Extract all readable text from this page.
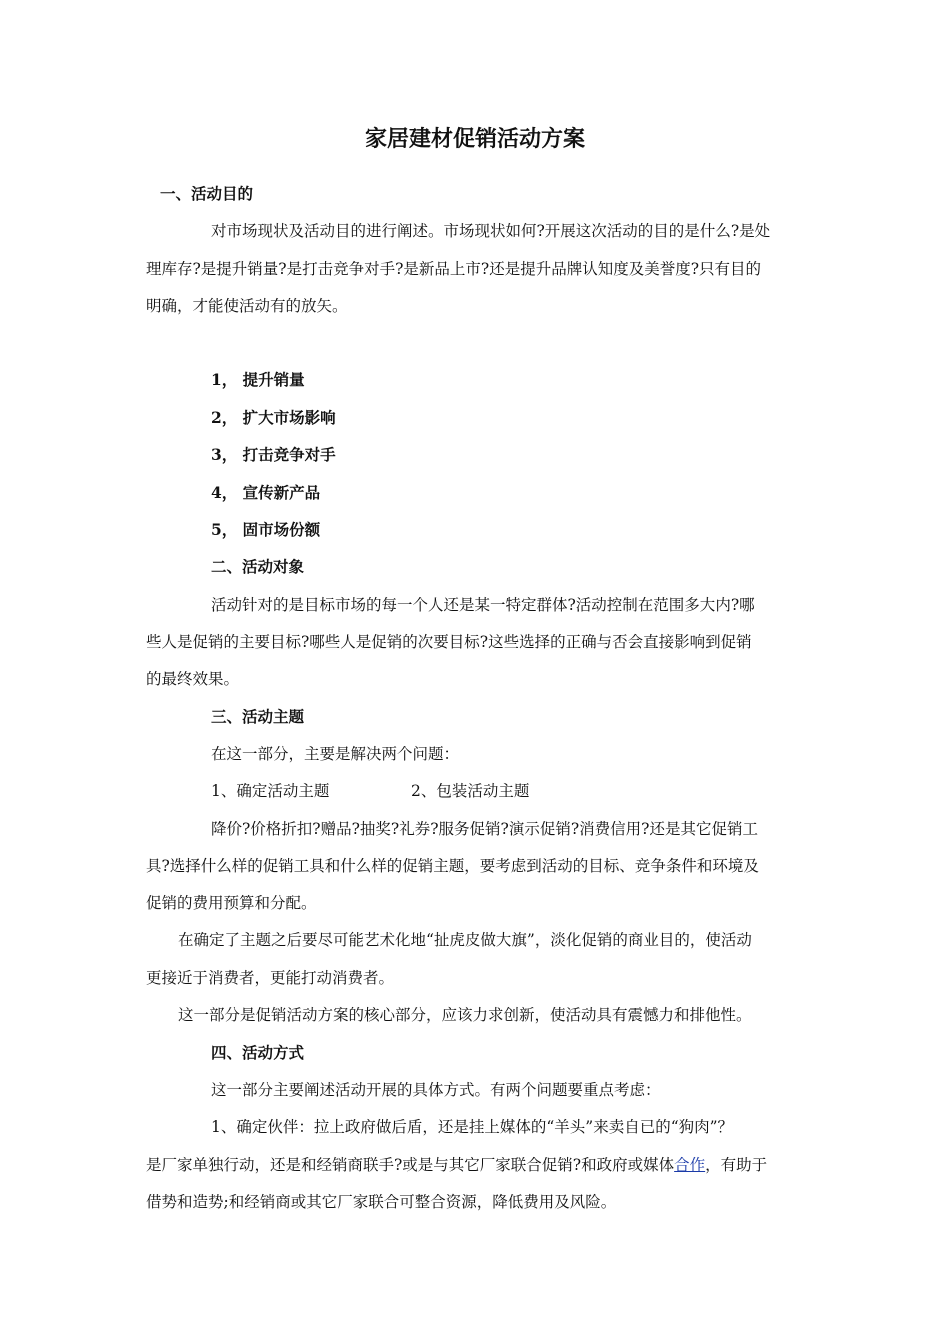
家居建材促销活动方案
一、活动目的
对市场现状及活动目的进行阐述。市场现状如何?开展这次活动的目的是什么?是处
理库存?是提升销量?是打击竞争对手?是新品上市?还是提升品牌认知度及美誉度?只有目的
明确，才能使活动有的放矢。
1， 提升销量
2， 扩大市场影响
3， 打击竞争对手
4， 宣传新产品
5， 固市场份额
二、活动对象
活动针对的是目标市场的每一个人还是某一特定群体?活动控制在范围多大内?哪
些人是促销的主要目标?哪些人是促销的次要目标?这些选择的正确与否会直接影响到促销
的最终效果。
三、活动主题
在这一部分，主要是解决两个问题：
1、确定活动主题	2、包装活动主题
降价?价格折扣?赠品?抽奖?礼券?服务促销?演示促销?消费信用?还是其它促销工
具?选择什么样的促销工具和什么样的促销主题，要考虑到活动的目标、竞争条件和环境及
促销的费用预算和分配。
在确定了主题之后要尽可能艺术化地“扯虎皮做大旗”，淡化促销的商业目的，使活动
更接近于消费者，更能打动消费者。
这一部分是促销活动方案的核心部分，应该力求创新，使活动具有震憾力和排他性。
四、活动方式
这一部分主要阐述活动开展的具体方式。有两个问题要重点考虑：
1、确定伙伴：拉上政府做后盾，还是挂上媒体的“羊头”来卖自已的“狗肉”？
是厂家单独行动，还是和经销商联手?或是与其它厂家联合促销?和政府或媒体合作，有助于
借势和造势;和经销商或其它厂家联合可整合资源，降低费用及风险。
